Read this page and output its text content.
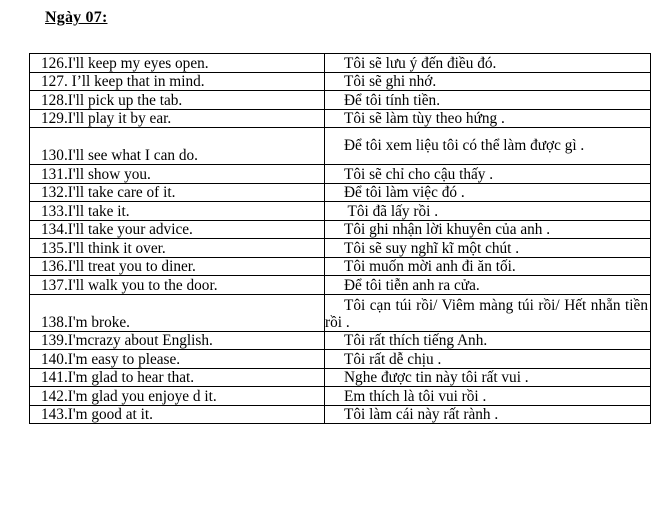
Ngày 07:
126.I'll keep my eyes open.	Tôi sẽ lưu ý đến điều đó.
127. I’ll keep that in mind.	Tôi sẽ ghi nhớ.
128.I'll pick up the tab.	Để tôi tính tiền.
129.I'll play it by ear.	Tôi sẽ làm tùy theo hứng .
130.I'll see what I can do.	Để tôi xem liệu tôi có thể làm được gì .
131.I'll show you.	Tôi sẽ chỉ cho cậu thấy .
132.I'll take care of it.	Để tôi làm việc đó .
133.I'll take it.	Tôi đã lấy rồi .
134.I'll take your advice.	Tôi ghi nhận lời khuyên của anh .
135.I'll think it over.	Tôi sẽ suy nghĩ kĩ một chút .
136.I'll treat you to diner.	Tôi muốn mời anh đi ăn tối.
137.I'll walk you to the door.	Để tôi tiễn anh ra cửa.
138.I'm broke.	Tôi cạn túi rồi/ Viêm màng túi rồi/ Hết nhẵn tiền rồi .
139.I'mcrazy about English.	Tôi rất thích tiếng Anh.
140.I'm easy to please.	Tôi rất dễ chịu .
141.I'm glad to hear that.	Nghe được tin này tôi rất vui .
142.I'm glad you enjoye d it.	Em thích là tôi vui rồi .
143.I'm good at it.	Tôi làm cái này rất rành .
